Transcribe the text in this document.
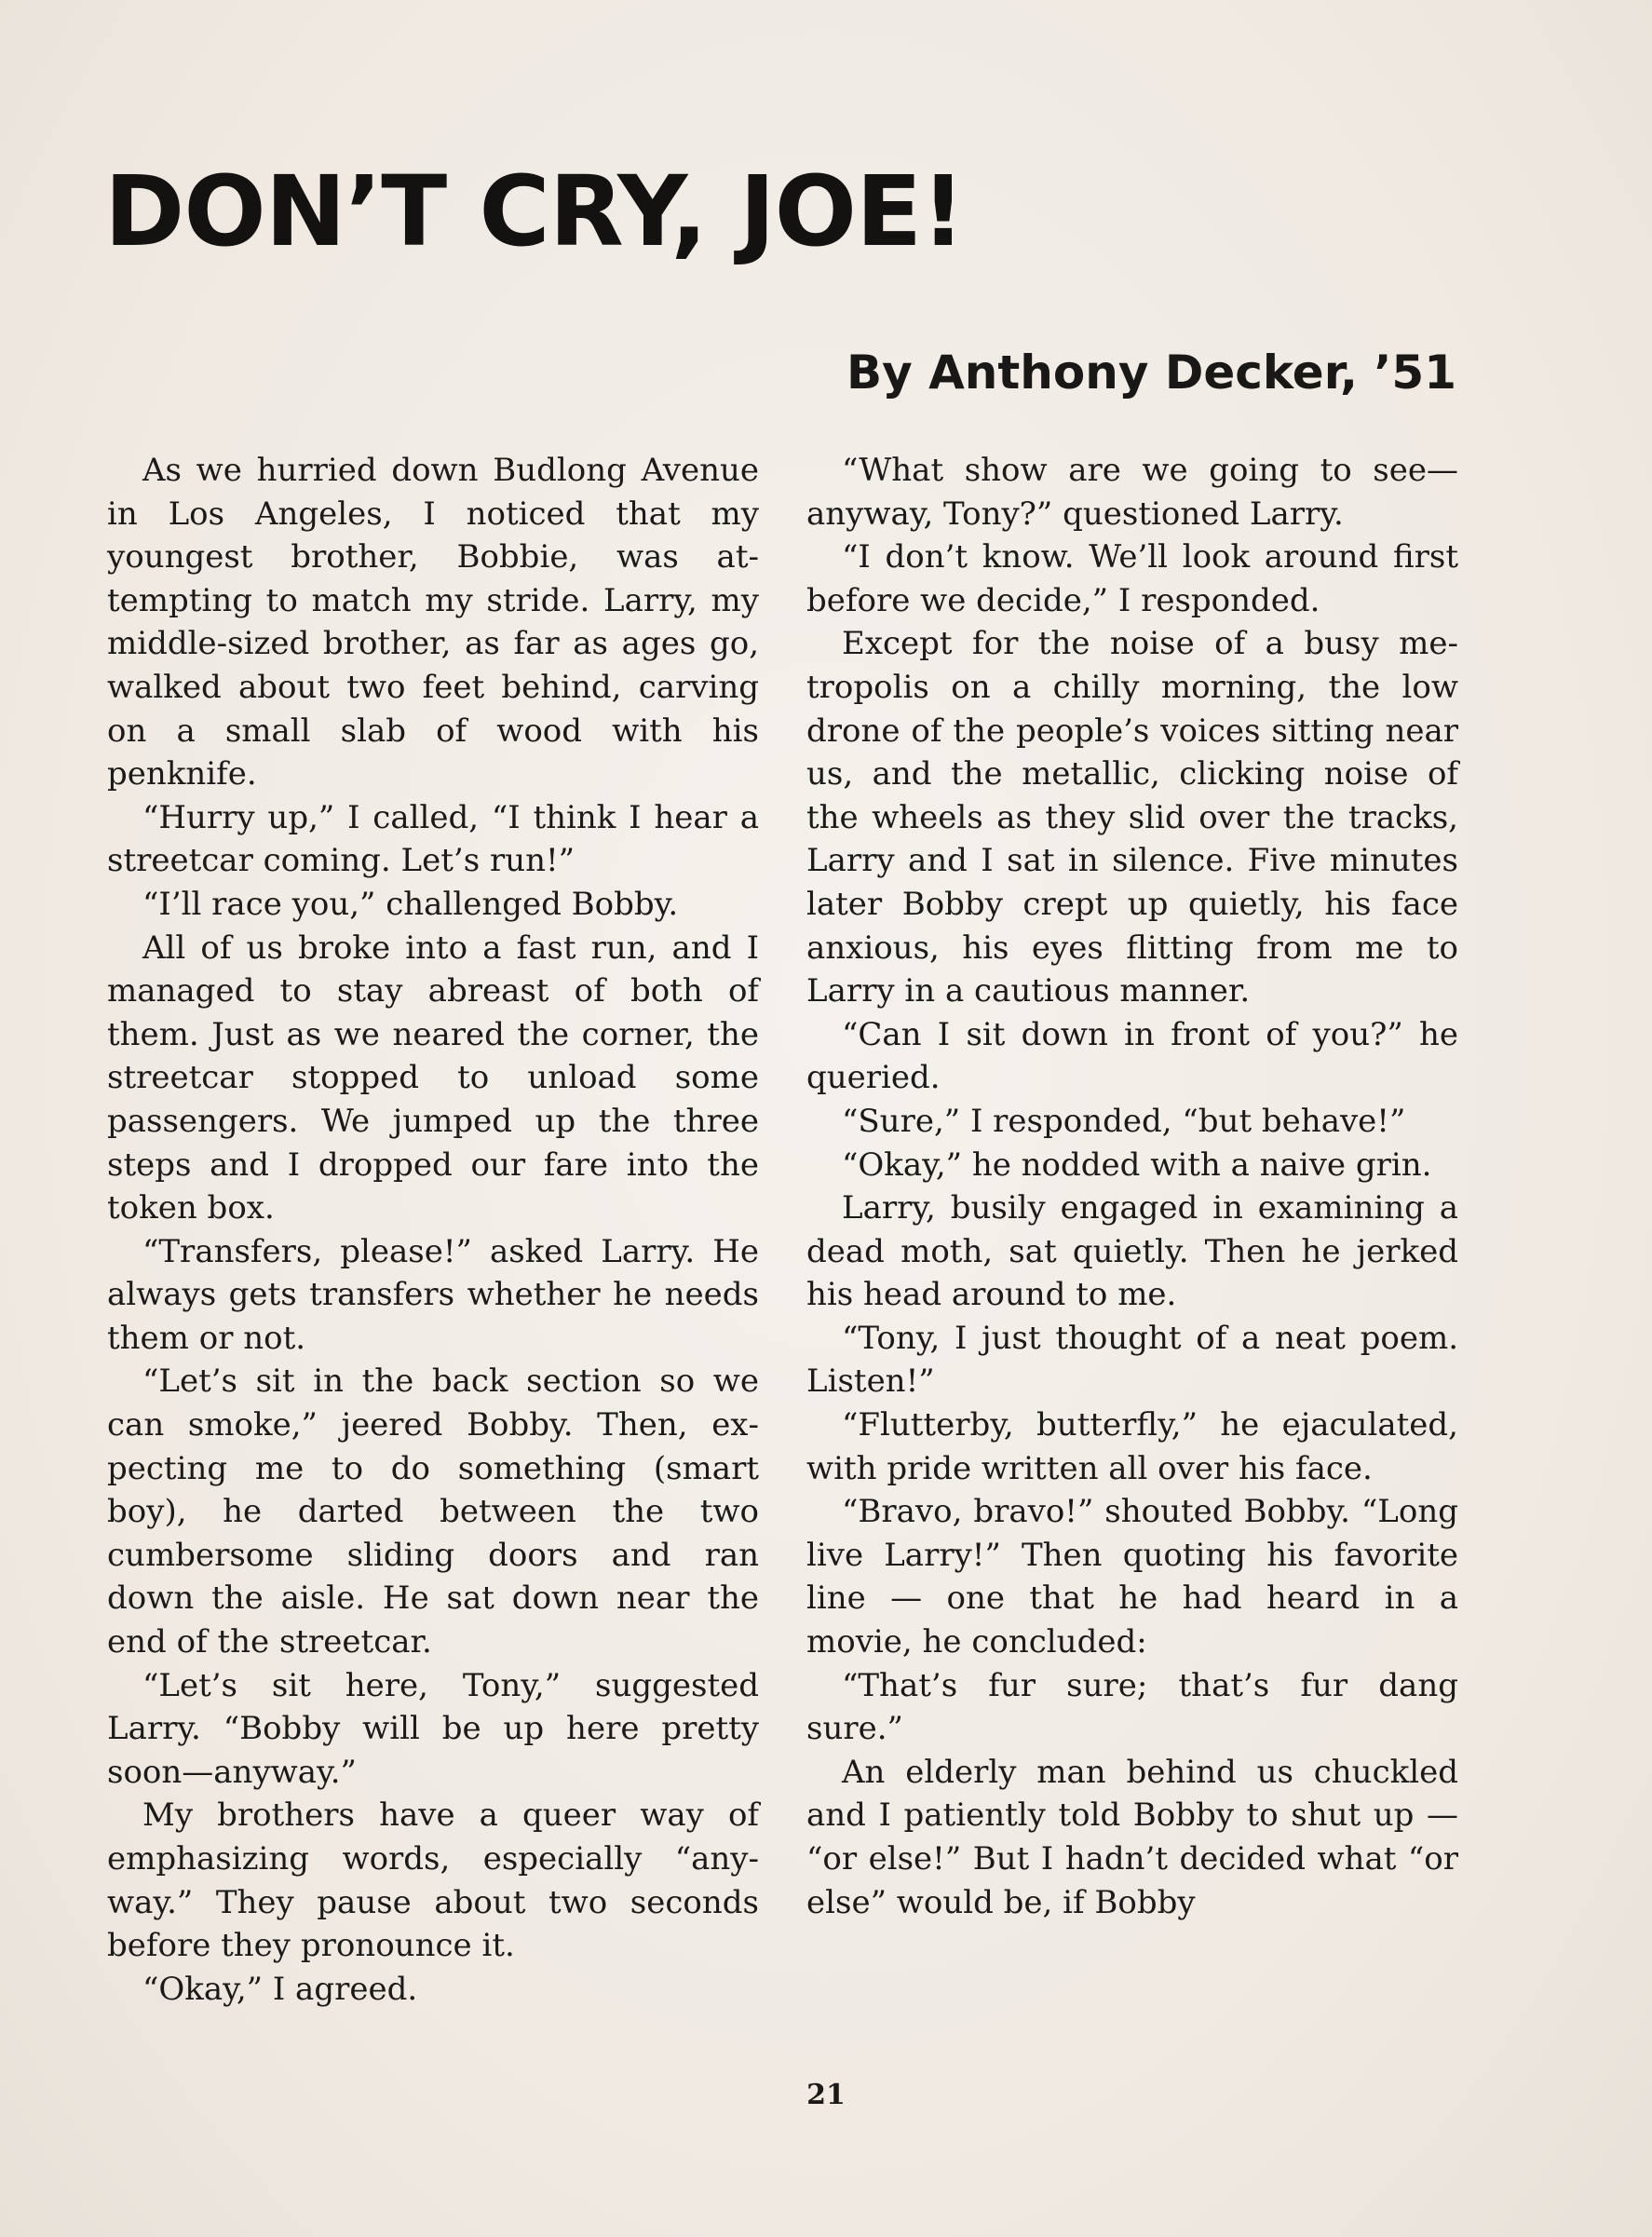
DON’T CRY, JOE!
By Anthony Decker, ’51

As we hurried down Budlong Avenue in Los Angeles, I noticed that my youngest brother, Bobbie, was attempting to match my stride. Larry, my middle-sized brother, as far as ages go, walked about two feet behind, carving on a small slab of wood with his penknife.

“Hurry up,” I called, “I think I hear a streetcar coming. Let’s run!”

“I’ll race you,” challenged Bobby.

All of us broke into a fast run, and I managed to stay abreast of both of them. Just as we neared the corner, the streetcar stopped to unload some passengers. We jumped up the three steps and I dropped our fare into the token box.

“Transfers, please!” asked Larry. He always gets transfers whether he needs them or not.

“Let’s sit in the back section so we can smoke,” jeered Bobby. Then, expecting me to do something (smart boy), he darted between the two cumbersome sliding doors and ran down the aisle. He sat down near the end of the streetcar.

“Let’s sit here, Tony,” suggested Larry. “Bobby will be up here pretty soon—anyway.”

My brothers have a queer way of emphasizing words, especially “anyway.” They pause about two seconds before they pronounce it.

“Okay,” I agreed.

“What show are we going to see—anyway, Tony?” questioned Larry.

“I don’t know. We’ll look around first before we decide,” I responded.

Except for the noise of a busy metropolis on a chilly morning, the low drone of the people’s voices sitting near us, and the metallic, clicking noise of the wheels as they slid over the tracks, Larry and I sat in silence. Five minutes later Bobby crept up quietly, his face anxious, his eyes flitting from me to Larry in a cautious manner.

“Can I sit down in front of you?” he queried.

“Sure,” I responded, “but behave!”

“Okay,” he nodded with a naive grin.

Larry, busily engaged in examining a dead moth, sat quietly. Then he jerked his head around to me.

“Tony, I just thought of a neat poem. Listen!”

“Flutterby, butterfly,” he ejaculated, with pride written all over his face.

“Bravo, bravo!” shouted Bobby. “Long live Larry!” Then quoting his favorite line — one that he had heard in a movie, he concluded:

“That’s fur sure; that’s fur dang sure.”

An elderly man behind us chuckled and I patiently told Bobby to shut up — “or else!” But I hadn’t decided what “or else” would be, if Bobby

21
